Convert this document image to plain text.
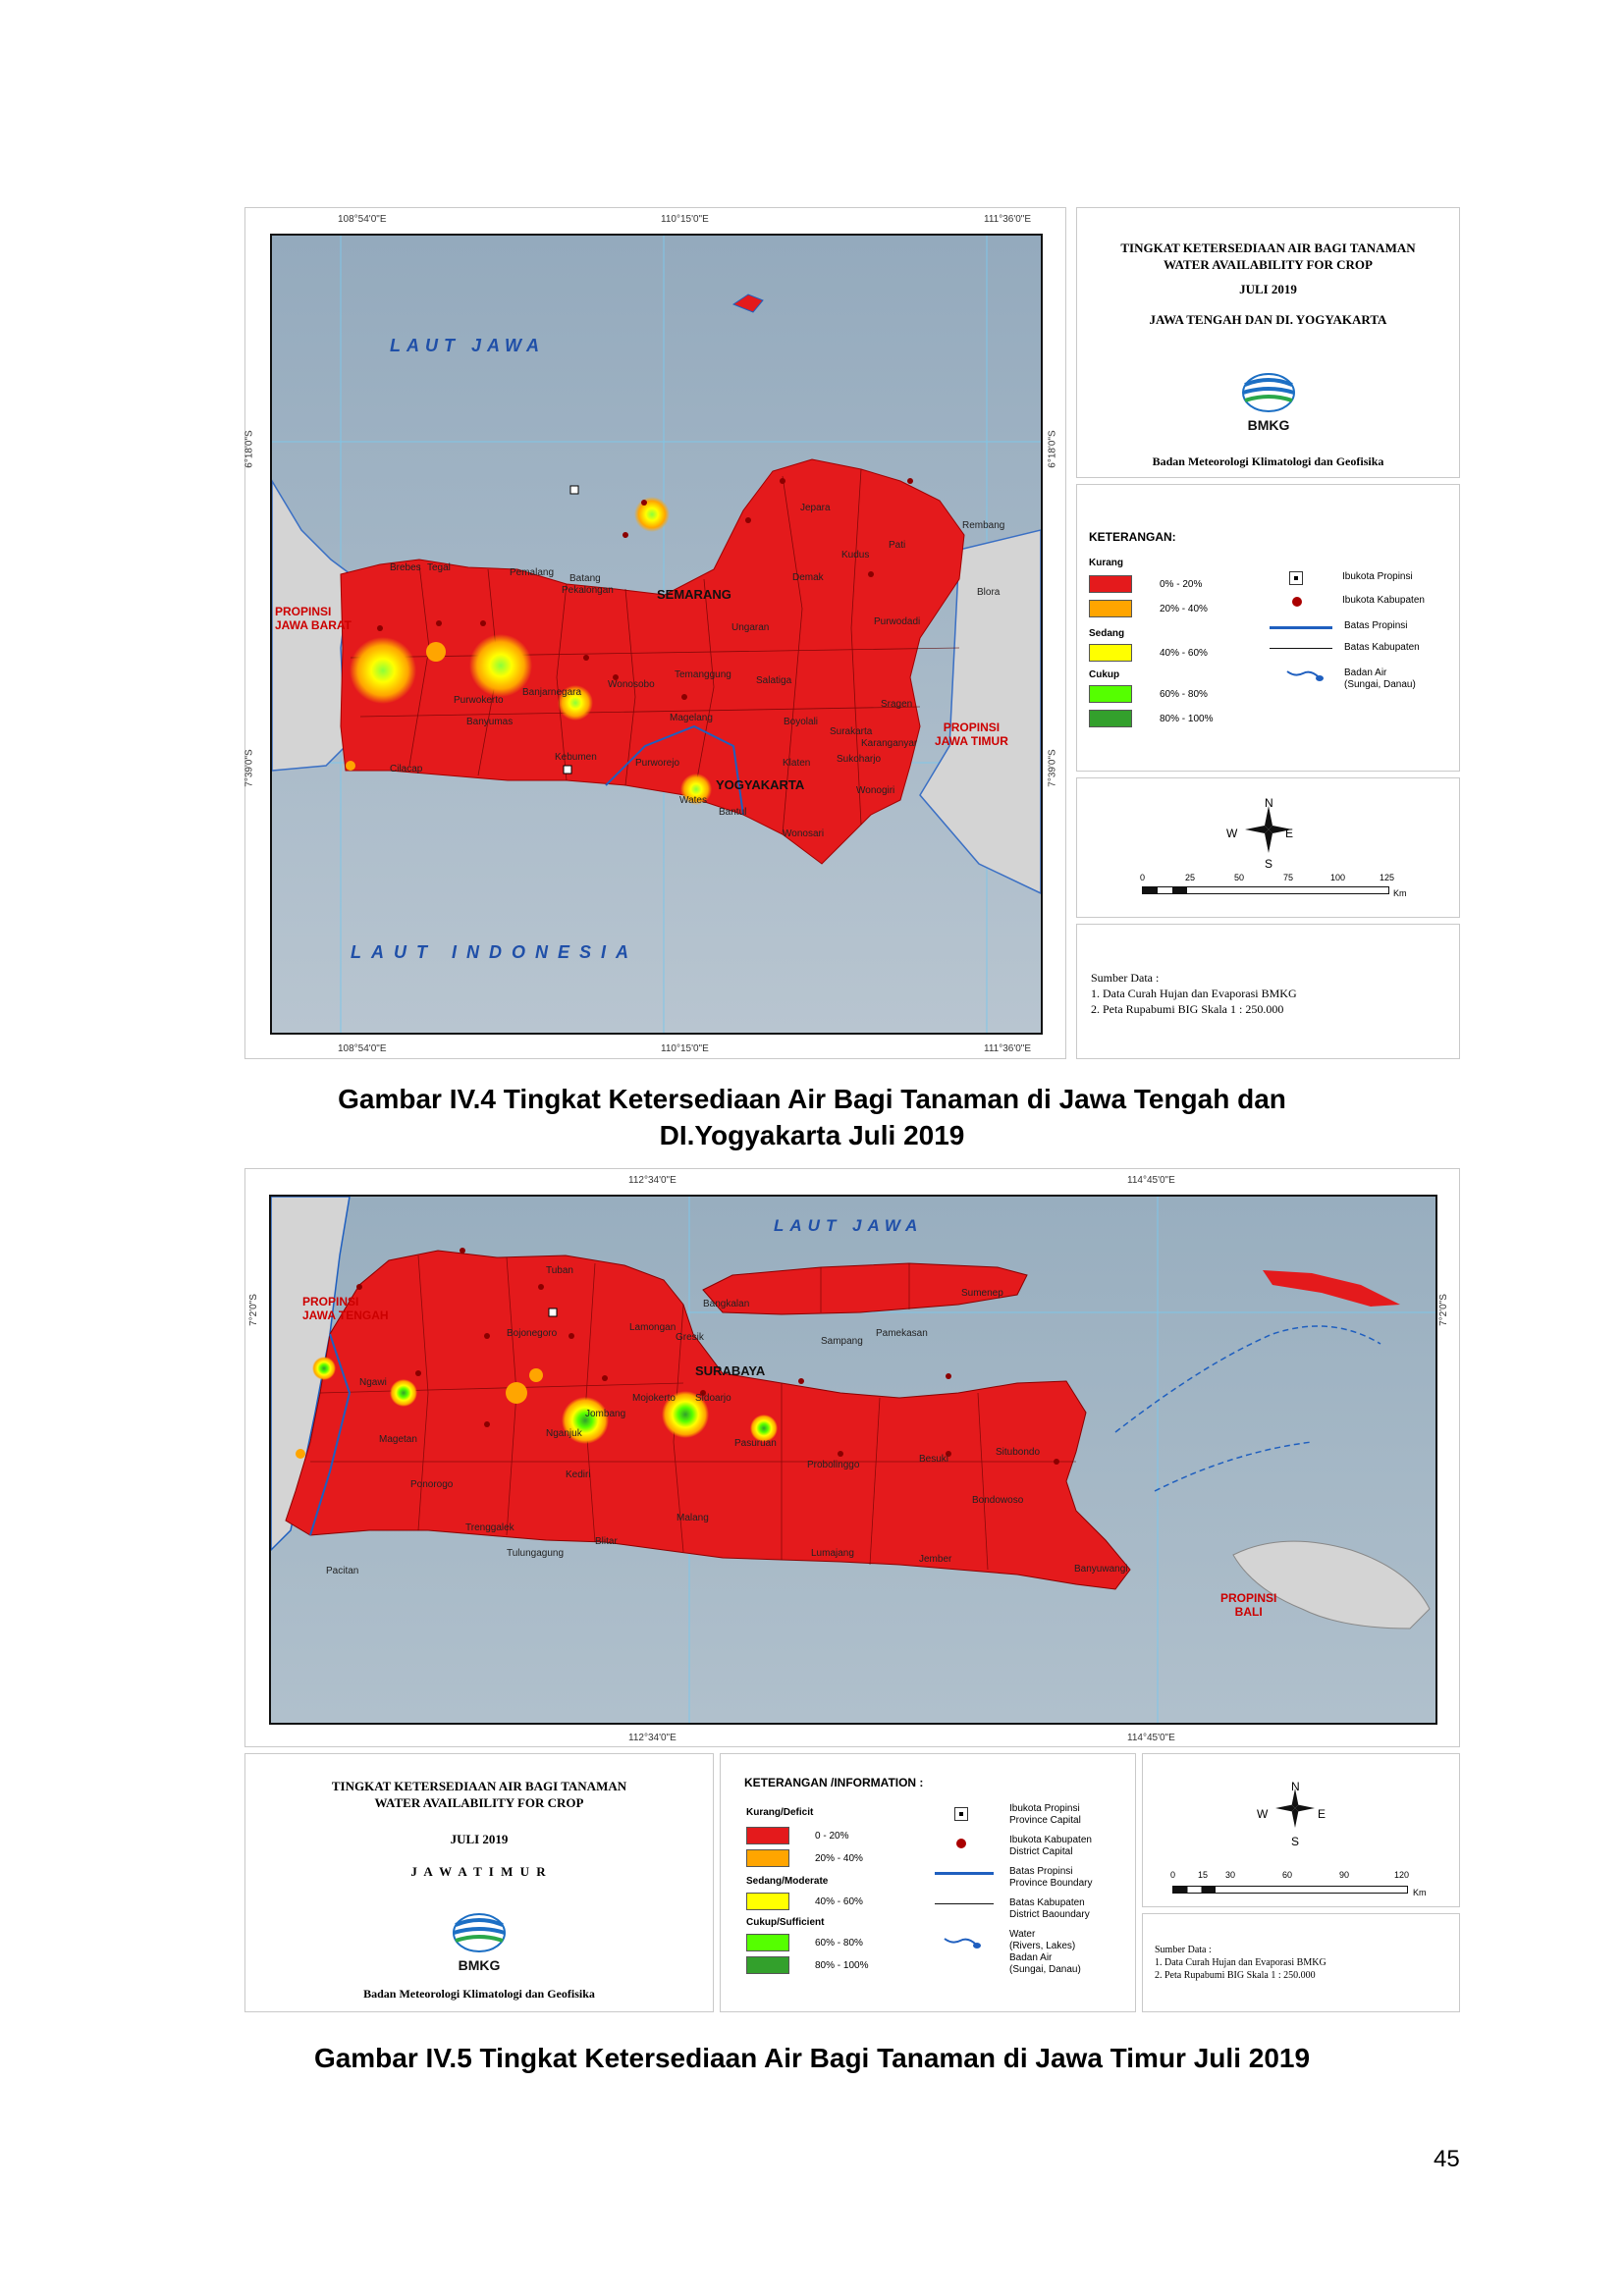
108°54'0"E	110°15'0"E	111°36'0"E
108°54'0"E	110°15'0"E	111°36'0"E
6°18'0"S
7°39'0"S
6°18'0"S
7°39'0"S
LAUT JAWA
LAUT INDONESIA
PROPINSI
JAWA BARAT
PROPINSI
JAWA TIMUR
SEMARANG
YOGYAKARTA
Jepara
Kudus
Pati
Rembang
Blora
Demak
Purwodadi
Brebes Tegal	Pemalang
Batang
Pekalongan
Ungaran
Temanggung
Salatiga
Sragen
Wonosobo
Banjarnegara
Purwokerto
Banyumas	Magelang	Boyolali
Surakarta
Karanganyar
Sukoharjo
Klaten
Wonogiri
Kebumen
Purworejo
Wates
Bantul
Wonosari
Cilacap
TINGKAT KETERSEDIAAN AIR BAGI TANAMAN
WATER AVAILABILITY FOR CROP
JULI 2019
JAWA TENGAH DAN DI. YOGYAKARTA
BMKG
Badan Meteorologi Klimatologi dan Geofisika
KETERANGAN:
Kurang
0% - 20%
20% - 40%
Sedang
40% - 60%
Cukup
60% - 80%
80% - 100%
Ibukota Propinsi
Ibukota Kabupaten
Batas Propinsi
Batas Kabupaten
Badan Air
(Sungai, Danau)
N
S
W	E
0	25	50	75	100	125
Km
Sumber Data :
1. Data Curah Hujan dan Evaporasi BMKG
2. Peta Rupabumi BIG Skala 1 : 250.000
Gambar IV.4 Tingkat Ketersediaan Air Bagi Tanaman di Jawa Tengah dan
DI.Yogyakarta Juli 2019
112°34'0"E	114°45'0"E
112°34'0"E	114°45'0"E
7°2'0"S	7°2'0"S
LAUT JAWA
PROPINSI
JAWA TENGAH
PROPINSI
BALI
SURABAYA
Tuban
Bangkalan
Sumenep
Lamongan
Gresik	Sampang
Pamekasan
Bojonegoro
Ngawi
Mojokerto Sidoarjo
Jombang
Nganjuk
Magetan	Pasuruan
Probolinggo
Besuki
Situbondo
Bondowoso
Kediri
Ponorogo
Trenggalek
Malang
Blitar
Tulungagung	Lumajang
Jember
Banyuwangi
Pacitan
TINGKAT KETERSEDIAAN AIR BAGI TANAMAN
WATER AVAILABILITY FOR CROP
JULI 2019
J A W A T I M U R
BMKG
Badan Meteorologi Klimatologi dan Geofisika
KETERANGAN /INFORMATION :
Kurang/Deficit
0 - 20%
20% - 40%
Sedang/Moderate
40% - 60%
Cukup/Sufficient
60% - 80%
80% - 100%
Ibukota Propinsi
Province Capital
Ibukota Kabupaten
District Capital
Batas Propinsi
Province Boundary
Batas Kabupaten
District Baoundary
Water
(Rivers, Lakes)
Badan Air
(Sungai, Danau)
N
S
W	E
0	15 30	60	90	120
Km
Sumber Data :
1. Data Curah Hujan dan Evaporasi BMKG
2. Peta Rupabumi BIG Skala 1 : 250.000
Gambar IV.5 Tingkat Ketersediaan Air Bagi Tanaman di Jawa Timur Juli 2019
45
